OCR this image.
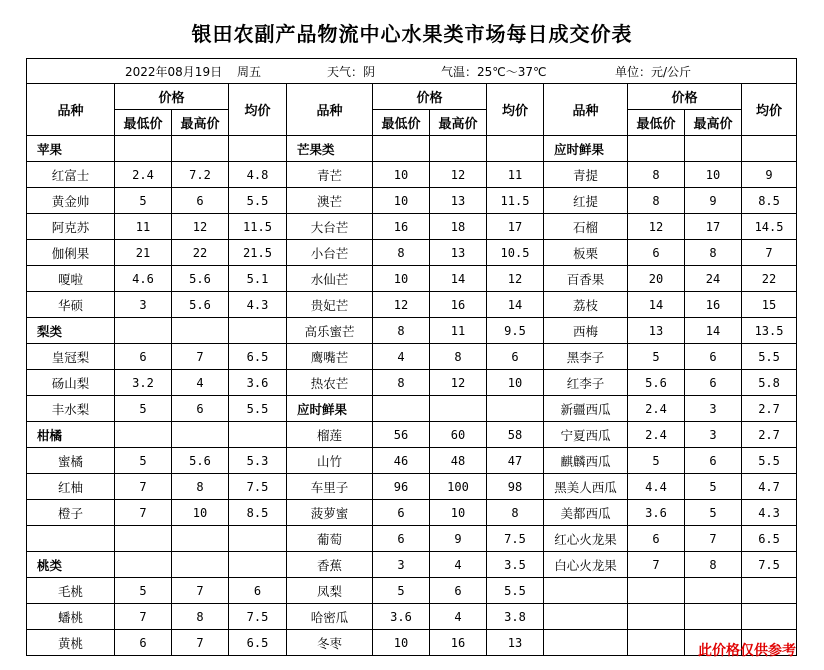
银田农副产品物流中心水果类市场每日成交价表
2022年08月19日 周五 天气：阴 气温：25℃～37℃ 单位：元/公斤											

品种	价格		均价	品种	价格		均价	品种	价格		均价
	最低价	最高价			最低价	最高价			最低价	最高价	
苹果				芒果类				应时鲜果			
红富士	2.4	7.2	4.8	青芒	10	12	11	青提	8	10	9
黄金帅	5	6	5.5	澳芒	10	13	11.5	红提	8	9	8.5
阿克苏	11	12	11.5	大台芒	16	18	17	石榴	12	17	14.5
伽俐果	21	22	21.5	小台芒	8	13	10.5	板栗	6	8	7
嗄啦	4.6	5.6	5.1	水仙芒	10	14	12	百香果	20	24	22
华硕	3	5.6	4.3	贵妃芒	12	16	14	荔枝	14	16	15
梨类				高乐蜜芒	8	11	9.5	西梅	13	14	13.5
皇冠梨	6	7	6.5	鹰嘴芒	4	8	6	黑李子	5	6	5.5
砀山梨	3.2	4	3.6	热农芒	8	12	10	红李子	5.6	6	5.8
丰水梨	5	6	5.5	应时鲜果				新疆西瓜	2.4	3	2.7
柑橘				榴莲	56	60	58	宁夏西瓜	2.4	3	2.7
蜜橘	5	5.6	5.3	山竹	46	48	47	麒麟西瓜	5	6	5.5
红柚	7	8	7.5	车里子	96	100	98	黑美人西瓜	4.4	5	4.7
橙子	7	10	8.5	菠萝蜜	6	10	8	美都西瓜	3.6	5	4.3
				葡萄	6	9	7.5	红心火龙果	6	7	6.5
桃类				香蕉	3	4	3.5	白心火龙果	7	8	7.5
毛桃	5	7	6	凤梨	5	6	5.5				
蟠桃	7	8	7.5	哈密瓜	3.6	4	3.8				
黄桃	6	7	6.5	冬枣	10	16	13				
此价格仅供参考
